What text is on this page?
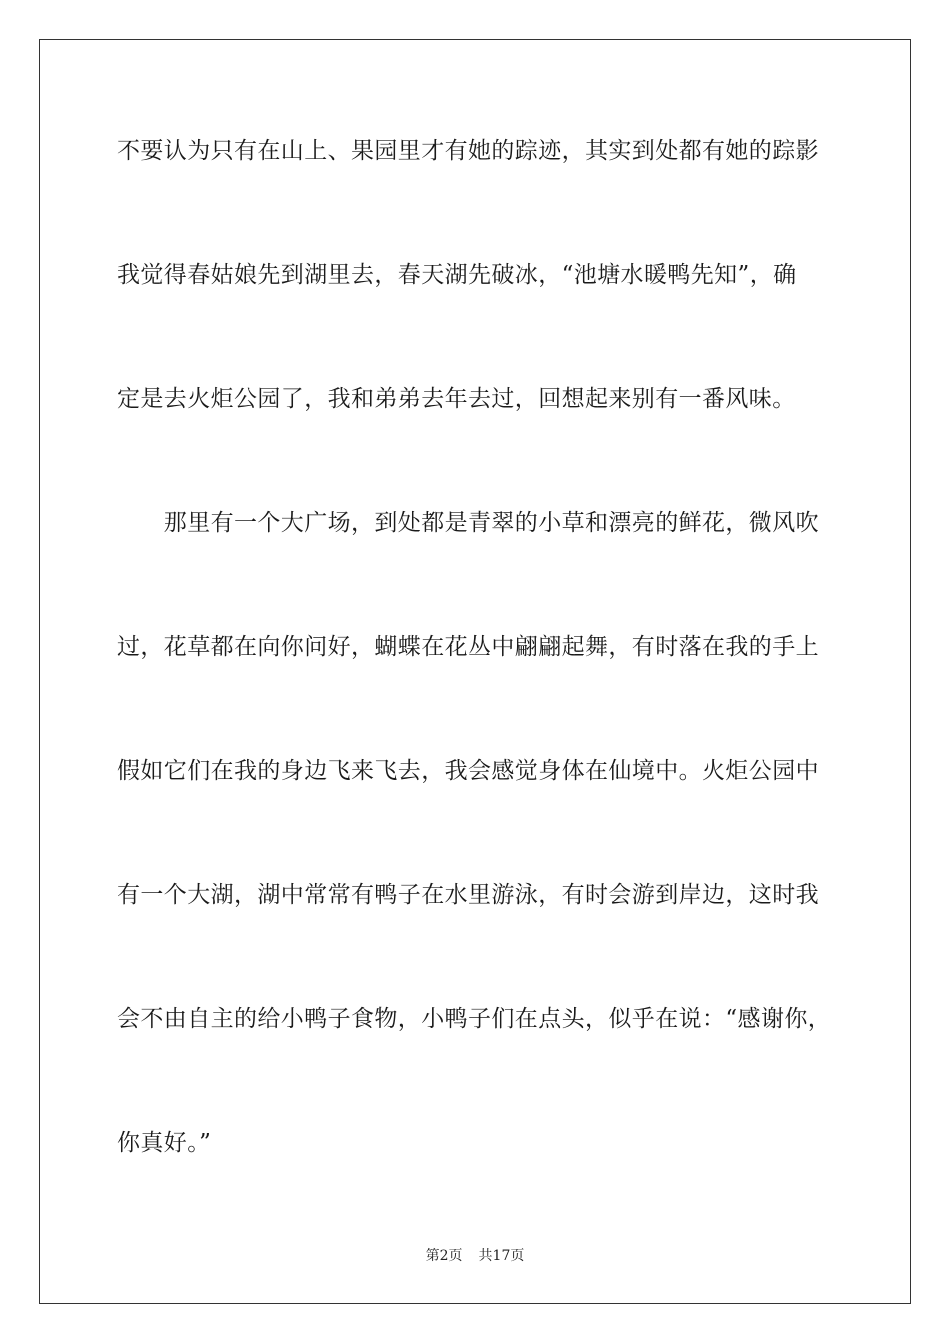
不要认为只有在山上、果园里才有她的踪迹，其实到处都有她的踪影
我觉得春姑娘先到湖里去，春天湖先破冰，“池塘水暖鸭先知”，确
定是去火炬公园了，我和弟弟去年去过，回想起来别有一番风味。
　　那里有一个大广场，到处都是青翠的小草和漂亮的鲜花，微风吹
过，花草都在向你问好，蝴蝶在花丛中翩翩起舞，有时落在我的手上
假如它们在我的身边飞来飞去，我会感觉身体在仙境中。火炬公园中
有一个大湖，湖中常常有鸭子在水里游泳，有时会游到岸边，这时我
会不由自主的给小鸭子食物，小鸭子们在点头，似乎在说：“感谢你，
你真好。”
第2页 共17页
